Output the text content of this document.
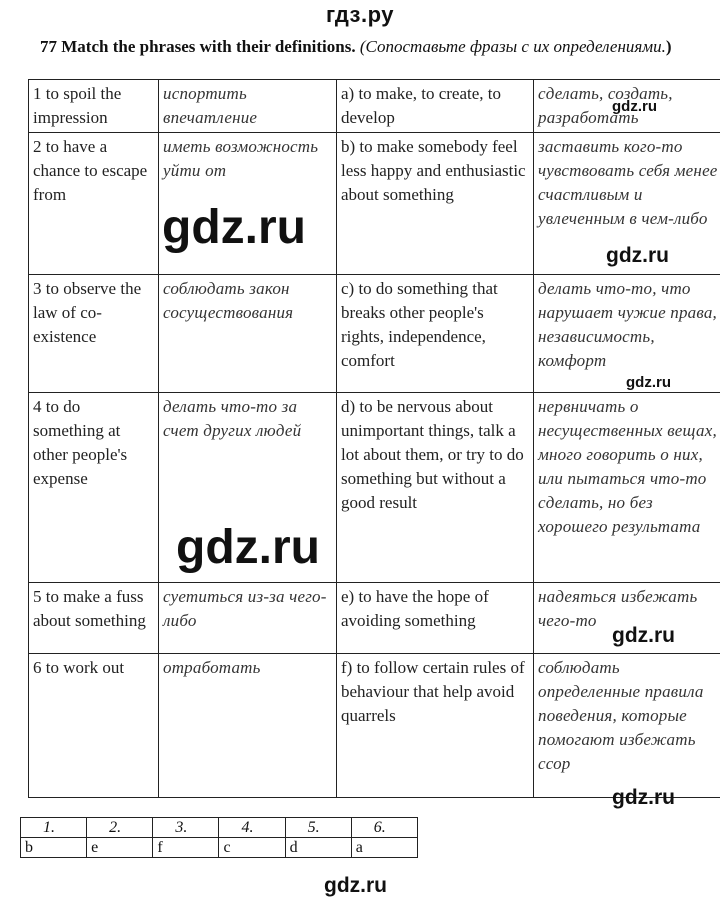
гдз.ру
77 Match the phrases with their definitions. (Сопоставьте фразы с их определениями.)
1 to spoil the impression	испортить впечатление	a) to make, to create, to develop	сделать, создать, разработать
2 to have a chance to escape from	иметь возможность уйти от	b) to make somebody feel less happy and enthusiastic about something	заставить кого-то чувствовать себя менее счастливым и увлеченным в чем-либо
3 to observe the law of co-existence	соблюдать закон сосуществования	c) to do something that breaks other people's rights, independence, comfort	делать что-то, что нарушает чужие права, независимость, комфорт
4 to do something at other people's expense	делать что-то за счет других людей	d) to be nervous about unimportant things, talk a lot about them, or try to do something but without a good result	нервничать о несущественных вещах, много говорить о них, или пытаться что-то сделать, но без хорошего результата
5 to make a fuss about something	суетиться из-за чего-либо	e) to have the hope of avoiding something	надеяться избежать чего-то
6 to work out	отработать	f) to follow certain rules of behaviour that help avoid quarrels	соблюдать определенные правила поведения, которые помогают избежать ссор
1.	2.	3.	4.	5.	6.
b	e	f	c	d	a
gdz.ru
gdz.ru
gdz.ru
gdz.ru
gdz.ru
gdz.ru
gdz.ru
gdz.ru
